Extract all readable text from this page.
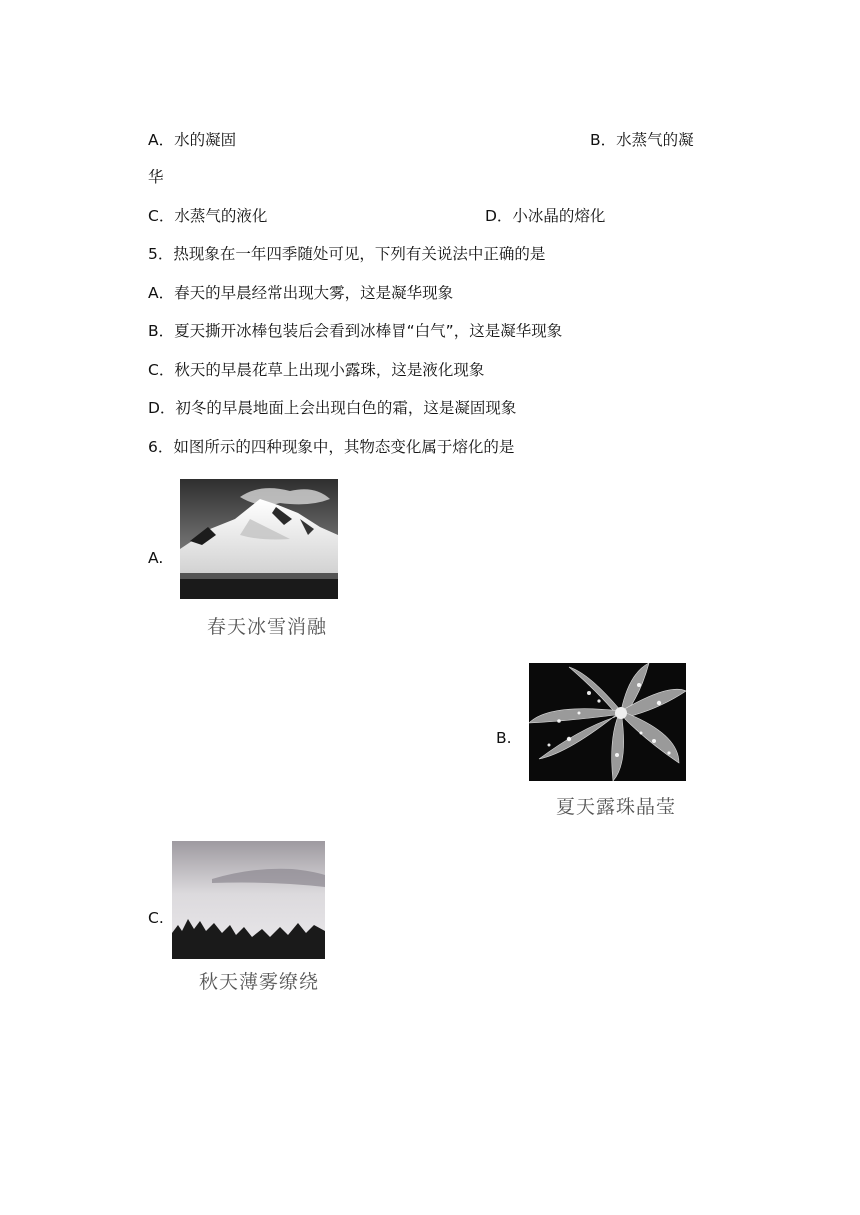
A．水的凝固	B．水蒸气的凝
华
C．水蒸气的液化	D．小冰晶的熔化
5．热现象在一年四季随处可见，下列有关说法中正确的是
A．春天的早晨经常出现大雾，这是凝华现象
B．夏天撕开冰棒包装后会看到冰棒冒“白气”，这是凝华现象
C．秋天的早晨花草上出现小露珠，这是液化现象
D．初冬的早晨地面上会出现白色的霜，这是凝固现象
6．如图所示的四种现象中，其物态变化属于熔化的是
A.
春天冰雪消融
B.
夏天露珠晶莹
C.
秋天薄雾缭绕
